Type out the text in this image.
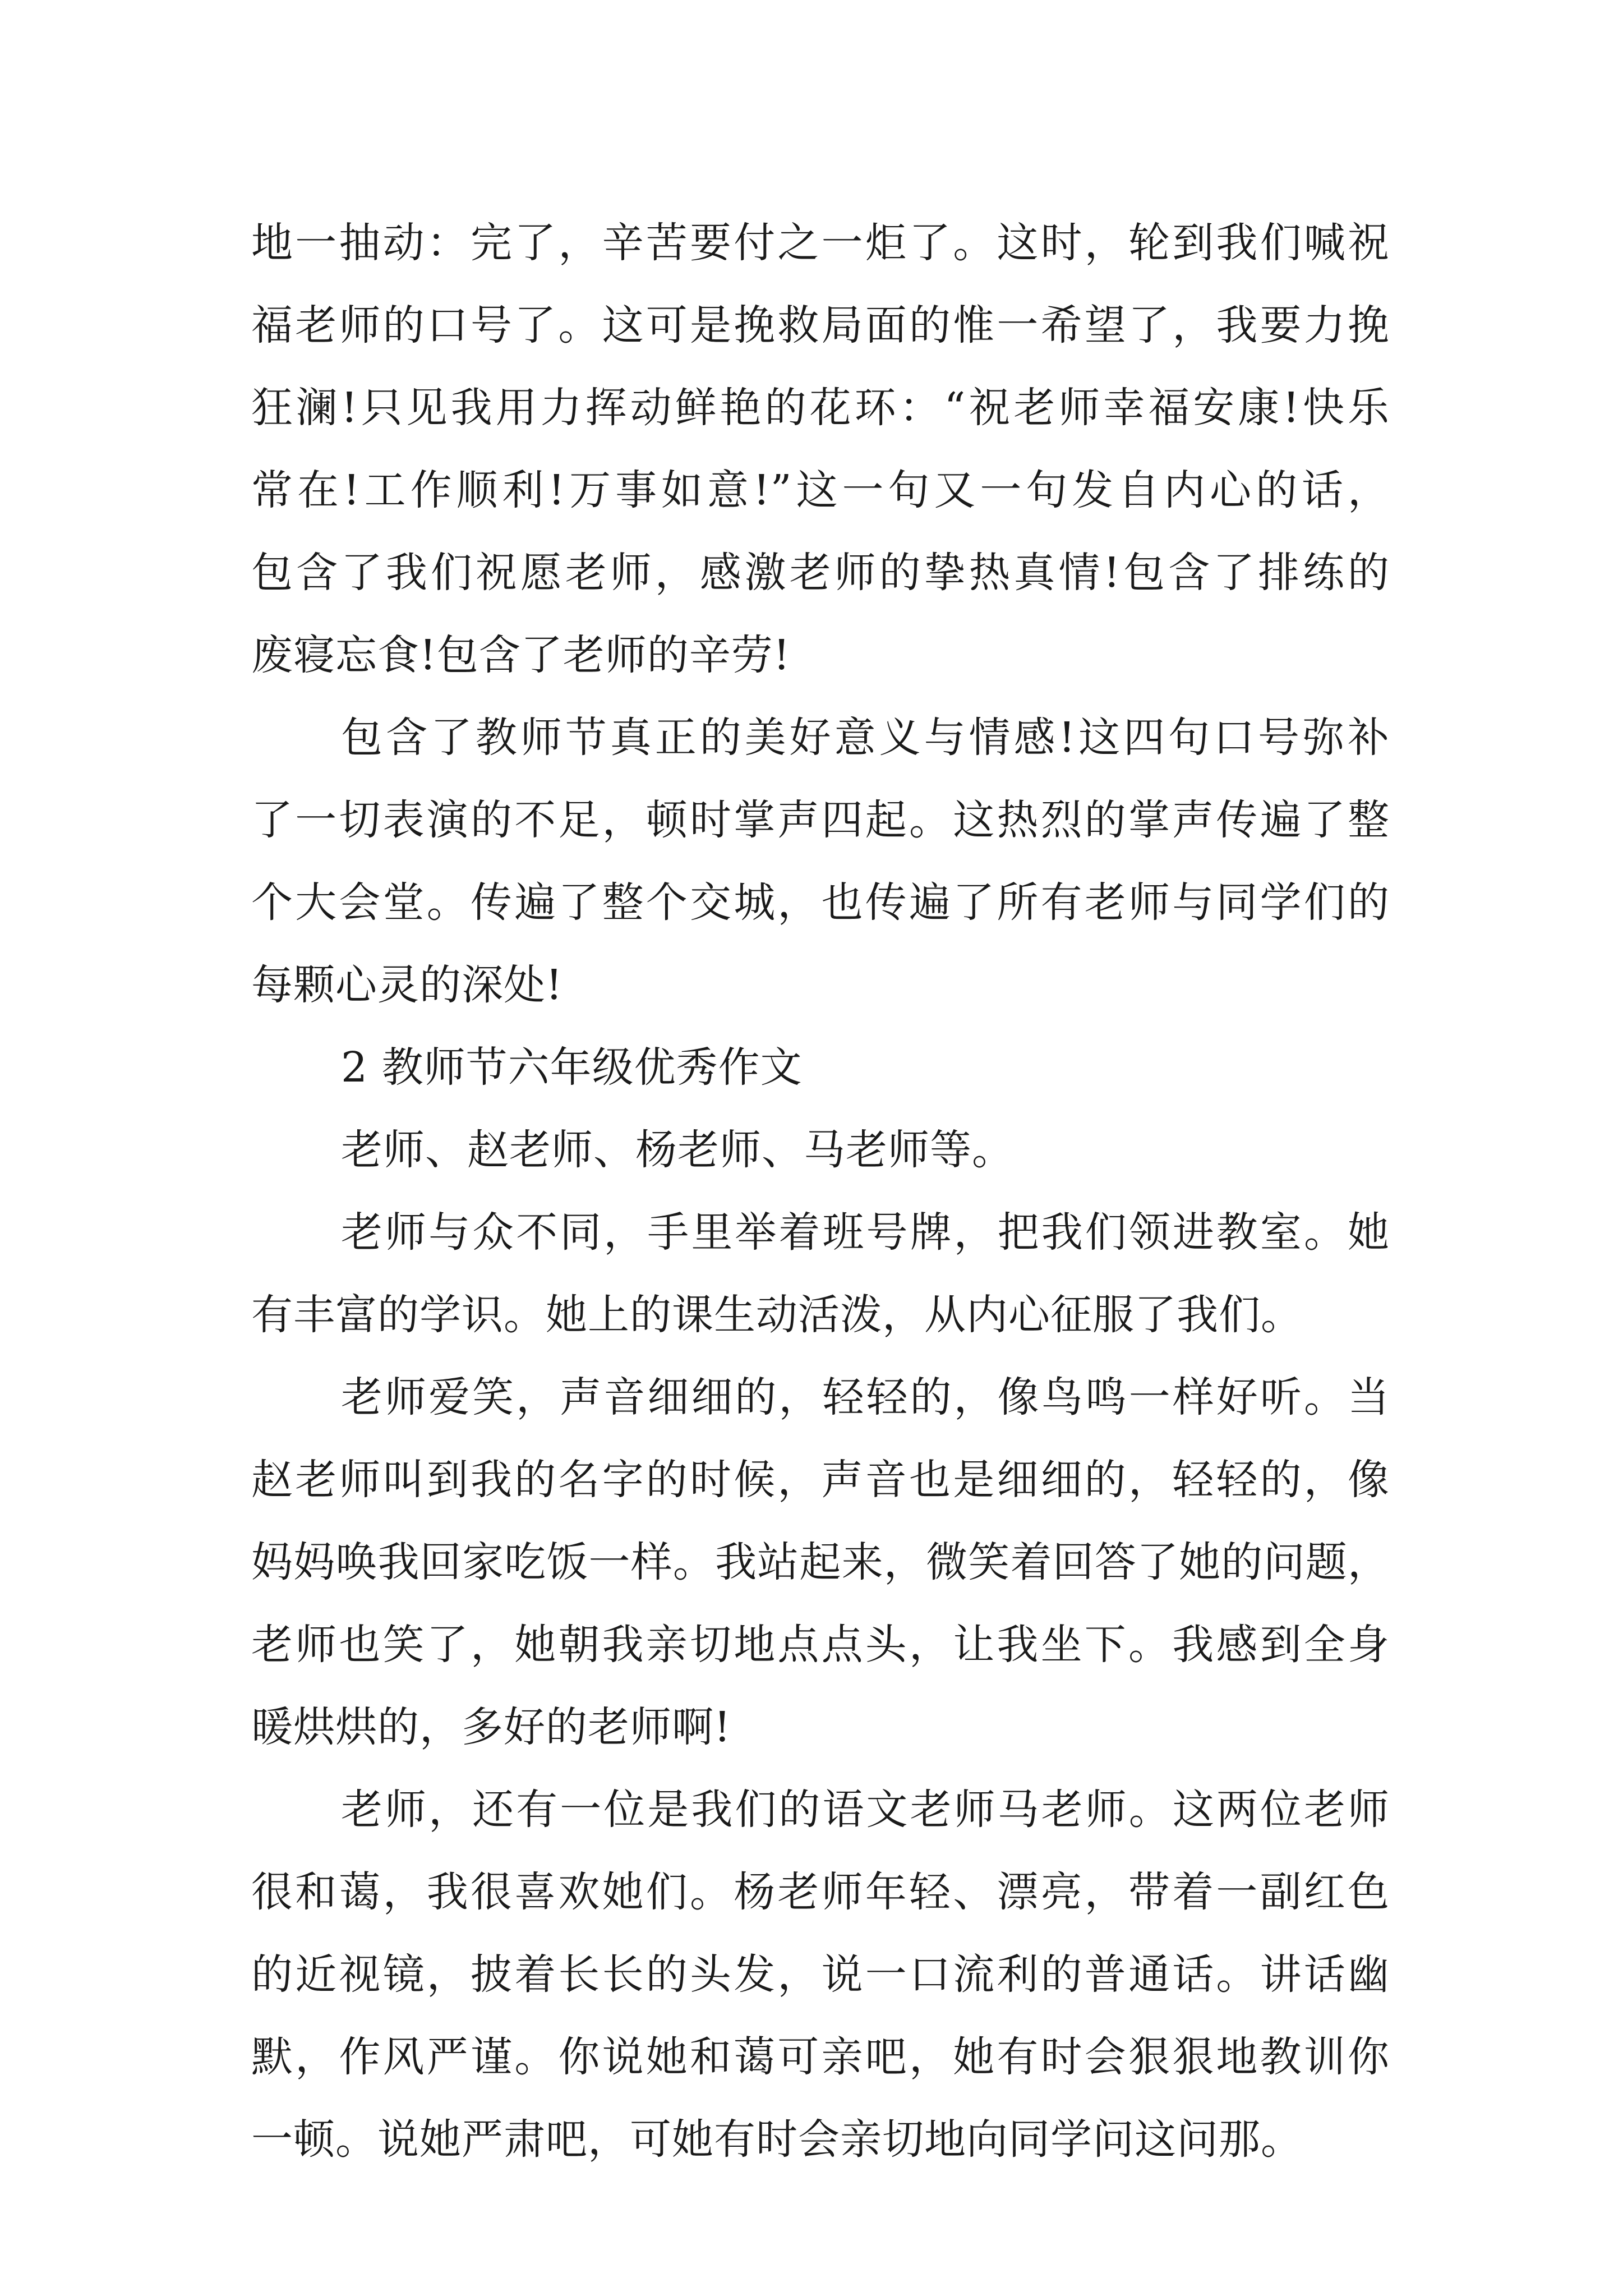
地一抽动：完了，辛苦要付之一炬了。这时，轮到我们喊祝
福老师的口号了。这可是挽救局面的惟一希望了，我要力挽
狂澜!只见我用力挥动鲜艳的花环：“祝老师幸福安康!快乐
常在!工作顺利!万事如意!”这一句又一句发自内心的话，
包含了我们祝愿老师，感激老师的挚热真情!包含了排练的
废寝忘食!包含了老师的辛劳!
包含了教师节真正的美好意义与情感!这四句口号弥补
了一切表演的不足，顿时掌声四起。这热烈的掌声传遍了整
个大会堂。传遍了整个交城，也传遍了所有老师与同学们的
每颗心灵的深处!
2 教师节六年级优秀作文
老师、赵老师、杨老师、马老师等。
老师与众不同，手里举着班号牌，把我们领进教室。她
有丰富的学识。她上的课生动活泼，从内心征服了我们。
老师爱笑，声音细细的，轻轻的，像鸟鸣一样好听。当
赵老师叫到我的名字的时候，声音也是细细的，轻轻的，像
妈妈唤我回家吃饭一样。我站起来，微笑着回答了她的问题，
老师也笑了，她朝我亲切地点点头，让我坐下。我感到全身
暖烘烘的，多好的老师啊!
老师，还有一位是我们的语文老师马老师。这两位老师
很和蔼，我很喜欢她们。杨老师年轻、漂亮，带着一副红色
的近视镜，披着长长的头发，说一口流利的普通话。讲话幽
默，作风严谨。你说她和蔼可亲吧，她有时会狠狠地教训你
一顿。说她严肃吧，可她有时会亲切地向同学问这问那。
